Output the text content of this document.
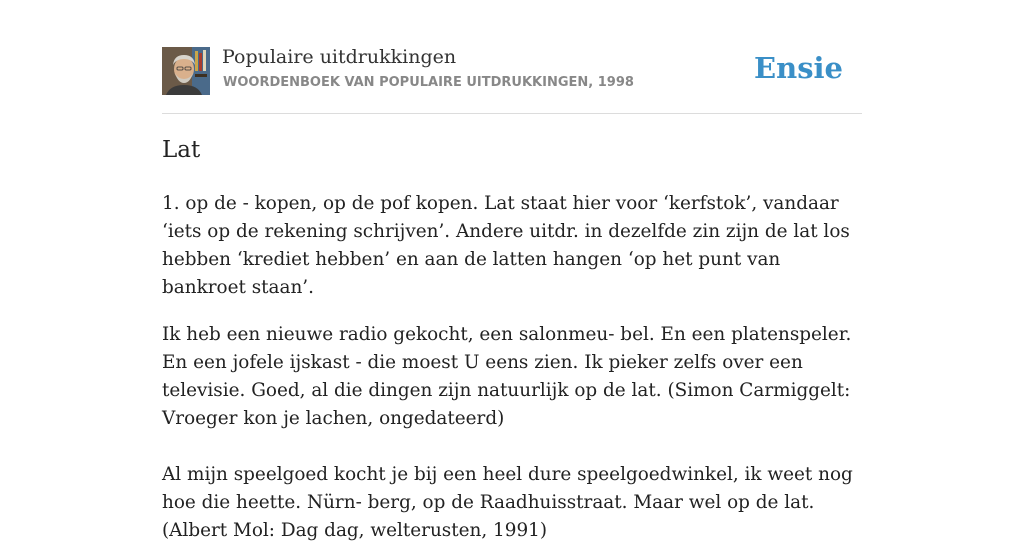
Populaire uitdrukkingen
WOORDENBOEK VAN POPULAIRE UITDRUKKINGEN, 1998	Ensie
Lat

1. op de - kopen, op de pof kopen. Lat staat hier voor ‘kerfstok’, vandaar ‘iets op de rekening schrijven’. Andere uitdr. in dezelfde zin zijn de lat los hebben ‘krediet hebben’ en aan de latten hangen ‘op het punt van bankroet staan’.

Ik heb een nieuwe radio gekocht, een salonmeu- bel. En een platenspeler. En een jofele ijskast - die moest U eens zien. Ik pieker zelfs over een televisie. Goed, al die dingen zijn natuurlijk op de lat. (Simon Carmiggelt: Vroeger kon je lachen, ongedateerd)
Al mijn speelgoed kocht je bij een heel dure speelgoedwinkel, ik weet nog hoe die heette. Nürn- berg, op de Raadhuisstraat. Maar wel op de lat. (Albert Mol: Dag dag, welterusten, 1991)
